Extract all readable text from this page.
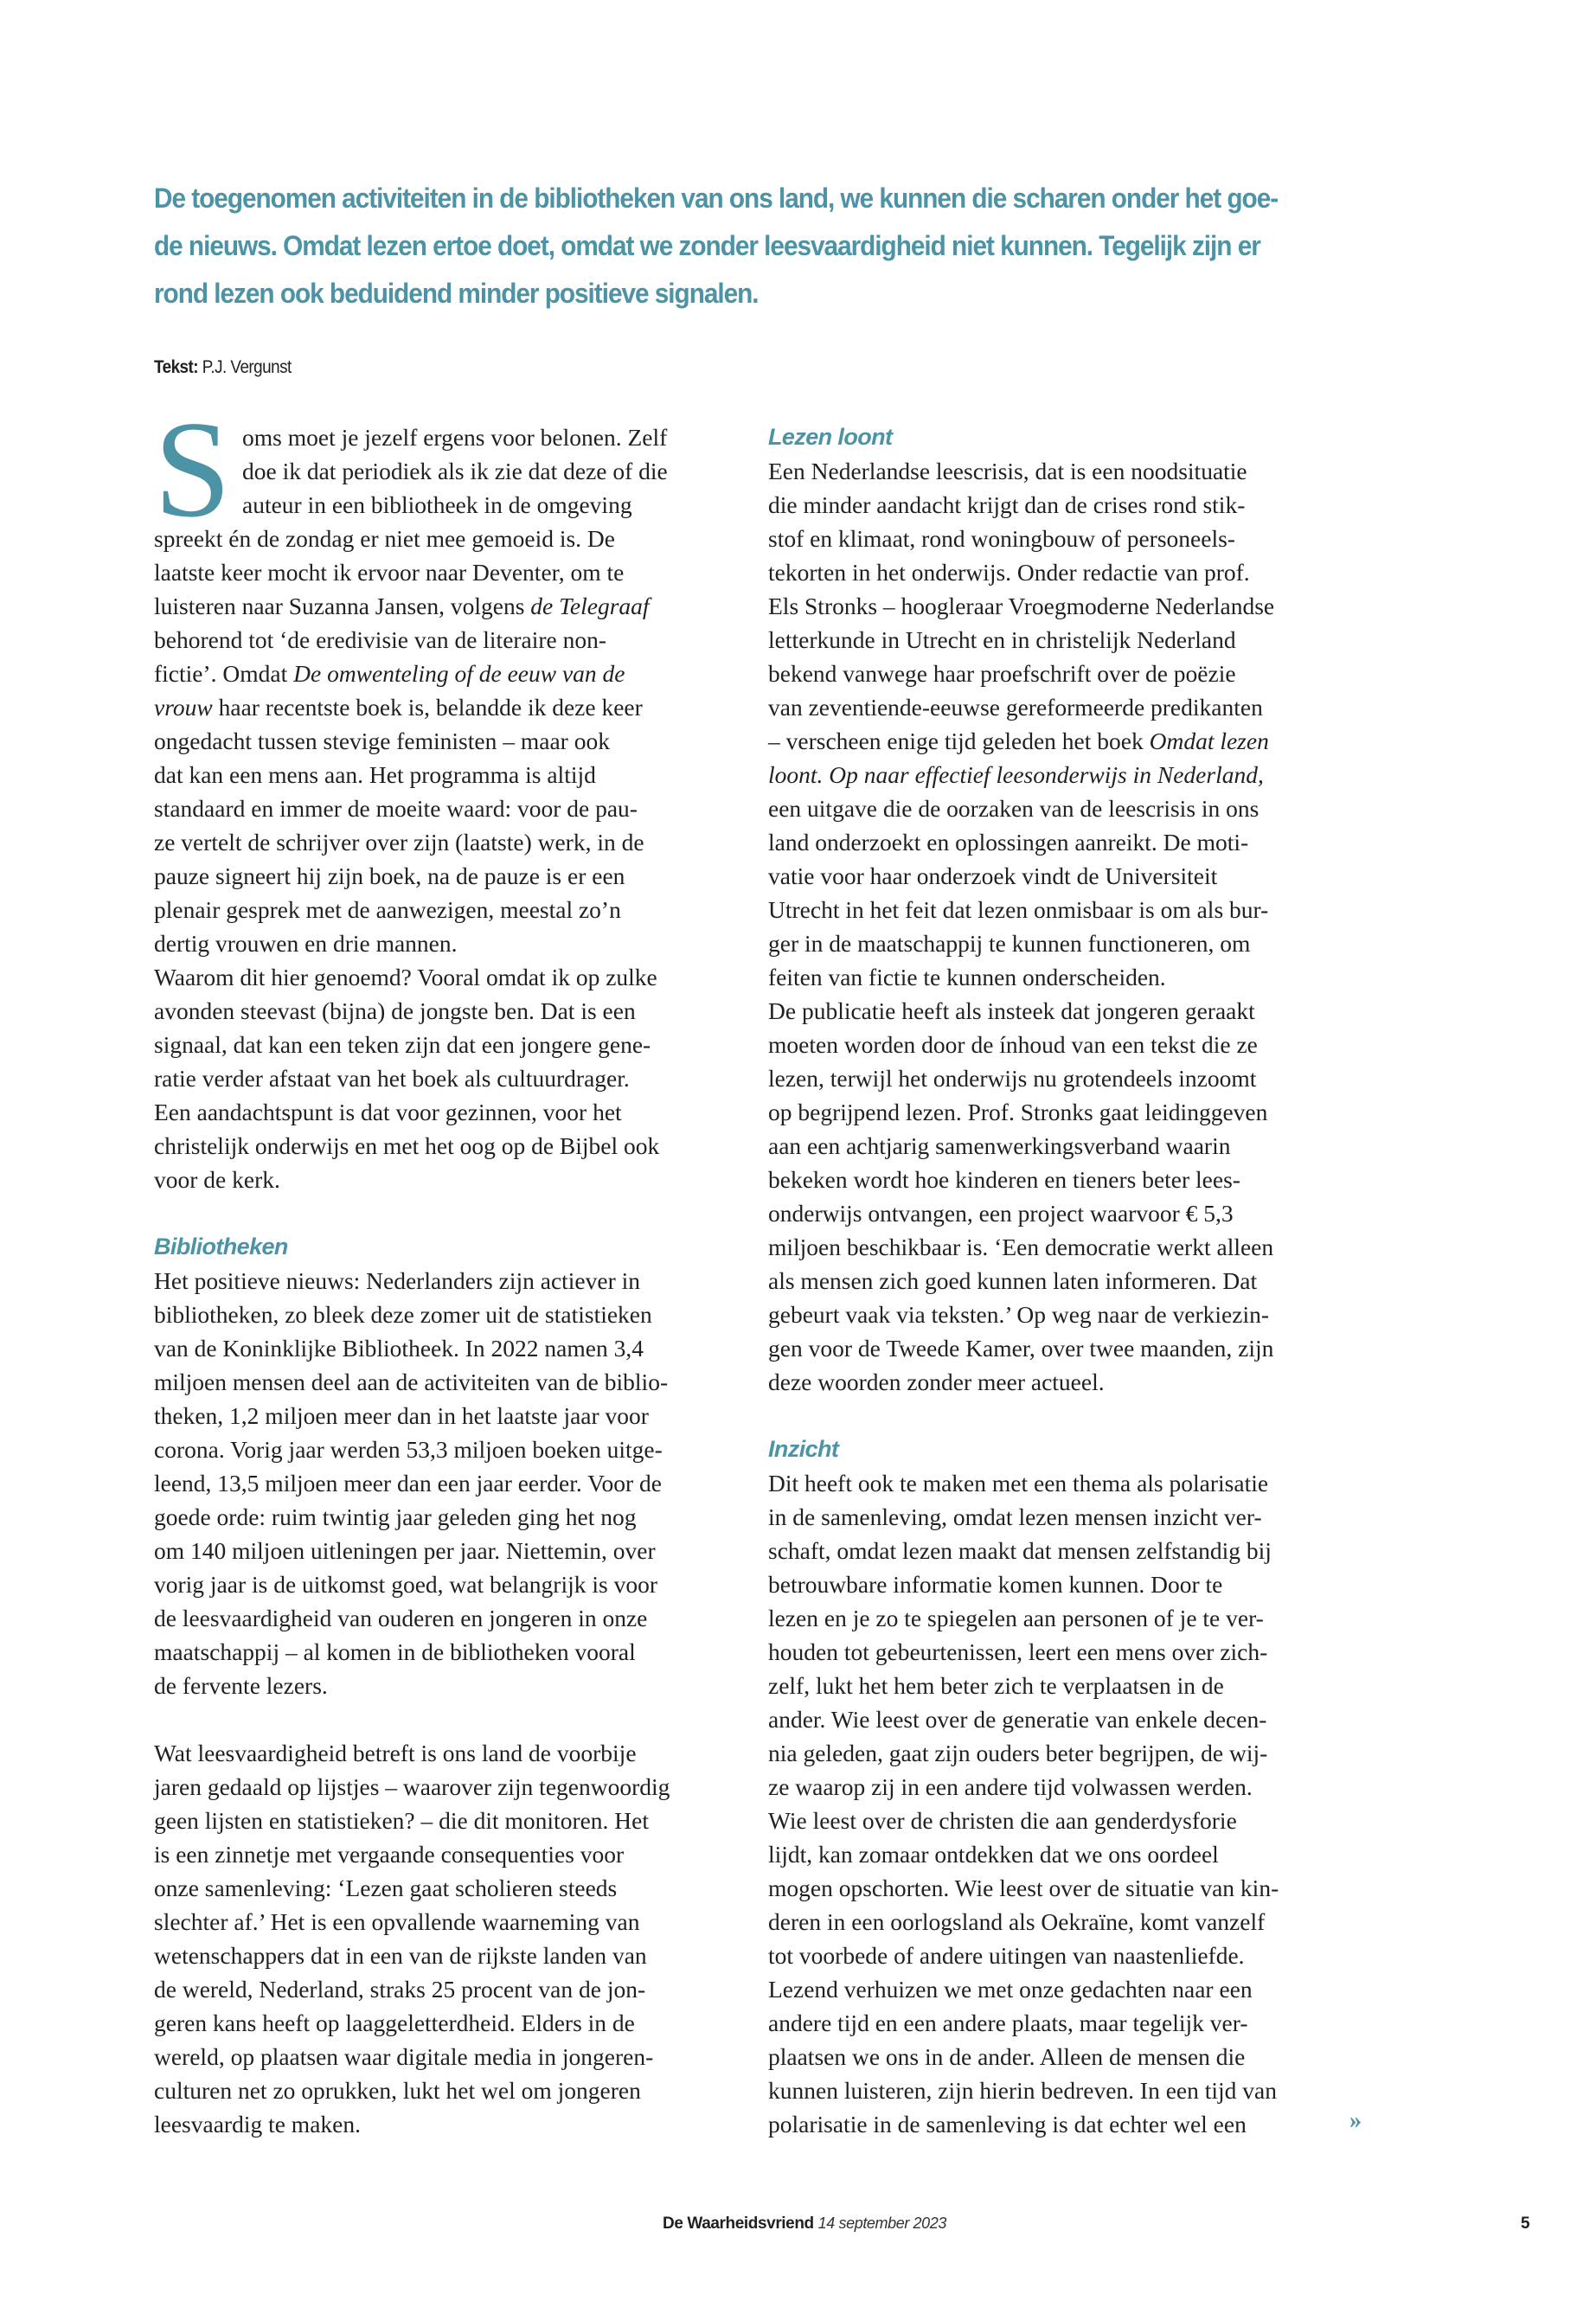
De toegenomen activiteiten in de bibliotheken van ons land, we kunnen die scharen onder het goe-
de nieuws. Omdat lezen ertoe doet, omdat we zonder leesvaardigheid niet kunnen. Tegelijk zijn er
rond lezen ook beduidend minder positieve signalen.
Tekst: P.J. Vergunst
S oms moet je jezelf ergens voor belonen. Zelf
doe ik dat periodiek als ik zie dat deze of die
auteur in een bibliotheek in de omgeving
spreekt én de zondag er niet mee gemoeid is. De
laatste keer mocht ik ervoor naar Deventer, om te
luisteren naar Suzanna Jansen, volgens de Telegraaf
behorend tot ‘de eredivisie van de literaire non-
fictie’. Omdat De omwenteling of de eeuw van de
vrouw haar recentste boek is, belandde ik deze keer
ongedacht tussen stevige feministen – maar ook
dat kan een mens aan. Het programma is altijd
standaard en immer de moeite waard: voor de pau-
ze vertelt de schrijver over zijn (laatste) werk, in de
pauze signeert hij zijn boek, na de pauze is er een
plenair gesprek met de aanwezigen, meestal zo’n
dertig vrouwen en drie mannen.
Waarom dit hier genoemd? Vooral omdat ik op zulke
avonden steevast (bijna) de jongste ben. Dat is een
signaal, dat kan een teken zijn dat een jongere gene-
ratie verder afstaat van het boek als cultuurdrager.
Een aandachtspunt is dat voor gezinnen, voor het
christelijk onderwijs en met het oog op de Bijbel ook
voor de kerk.
Bibliotheken
Het positieve nieuws: Nederlanders zijn actiever in
bibliotheken, zo bleek deze zomer uit de statistieken
van de Koninklijke Bibliotheek. In 2022 namen 3,4
miljoen mensen deel aan de activiteiten van de biblio-
theken, 1,2 miljoen meer dan in het laatste jaar voor
corona. Vorig jaar werden 53,3 miljoen boeken uitge-
leend, 13,5 miljoen meer dan een jaar eerder. Voor de
goede orde: ruim twintig jaar geleden ging het nog
om 140 miljoen uitleningen per jaar. Niettemin, over
vorig jaar is de uitkomst goed, wat belangrijk is voor
de leesvaardigheid van ouderen en jongeren in onze
maatschappij – al komen in de bibliotheken vooral
de fervente lezers.
Wat leesvaardigheid betreft is ons land de voorbije
jaren gedaald op lijstjes – waarover zijn tegenwoordig
geen lijsten en statistieken? – die dit monitoren. Het
is een zinnetje met vergaande consequenties voor
onze samenleving: ‘Lezen gaat scholieren steeds
slechter af.’ Het is een opvallende waarneming van
wetenschappers dat in een van de rijkste landen van
de wereld, Nederland, straks 25 procent van de jon-
geren kans heeft op laaggeletterdheid. Elders in de
wereld, op plaatsen waar digitale media in jongeren-
culturen net zo oprukken, lukt het wel om jongeren
leesvaardig te maken.
Lezen loont
Een Nederlandse leescrisis, dat is een noodsituatie
die minder aandacht krijgt dan de crises rond stik-
stof en klimaat, rond woningbouw of personeels-
tekorten in het onderwijs. Onder redactie van prof.
Els Stronks – hoogleraar Vroegmoderne Nederlandse
letterkunde in Utrecht en in christelijk Nederland
bekend vanwege haar proefschrift over de poëzie
van zeventiende-eeuwse gereformeerde predikanten
– verscheen enige tijd geleden het boek Omdat lezen
loont. Op naar effectief leesonderwijs in Nederland,
een uitgave die de oorzaken van de leescrisis in ons
land onderzoekt en oplossingen aanreikt. De moti-
vatie voor haar onderzoek vindt de Universiteit
Utrecht in het feit dat lezen onmisbaar is om als bur-
ger in de maatschappij te kunnen functioneren, om
feiten van fictie te kunnen onderscheiden.
De publicatie heeft als insteek dat jongeren geraakt
moeten worden door de ínhoud van een tekst die ze
lezen, terwijl het onderwijs nu grotendeels inzoomt
op begrijpend lezen. Prof. Stronks gaat leidinggeven
aan een achtjarig samenwerkingsverband waarin
bekeken wordt hoe kinderen en tieners beter lees-
onderwijs ontvangen, een project waarvoor € 5,3
miljoen beschikbaar is. ‘Een democratie werkt alleen
als mensen zich goed kunnen laten informeren. Dat
gebeurt vaak via teksten.’ Op weg naar de verkiezin-
gen voor de Tweede Kamer, over twee maanden, zijn
deze woorden zonder meer actueel.
Inzicht
Dit heeft ook te maken met een thema als polarisatie
in de samenleving, omdat lezen mensen inzicht ver-
schaft, omdat lezen maakt dat mensen zelfstandig bij
betrouwbare informatie komen kunnen. Door te
lezen en je zo te spiegelen aan personen of je te ver-
houden tot gebeurtenissen, leert een mens over zich-
zelf, lukt het hem beter zich te verplaatsen in de
ander. Wie leest over de generatie van enkele decen-
nia geleden, gaat zijn ouders beter begrijpen, de wij-
ze waarop zij in een andere tijd volwassen werden.
Wie leest over de christen die aan genderdysforie
lijdt, kan zomaar ontdekken dat we ons oordeel
mogen opschorten. Wie leest over de situatie van kin-
deren in een oorlogsland als Oekraïne, komt vanzelf
tot voorbede of andere uitingen van naastenliefde.
Lezend verhuizen we met onze gedachten naar een
andere tijd en een andere plaats, maar tegelijk ver-
plaatsen we ons in de ander. Alleen de mensen die
kunnen luisteren, zijn hierin bedreven. In een tijd van
polarisatie in de samenleving is dat echter wel een	»
De Waarheidsvriend 14 september 2023	5
